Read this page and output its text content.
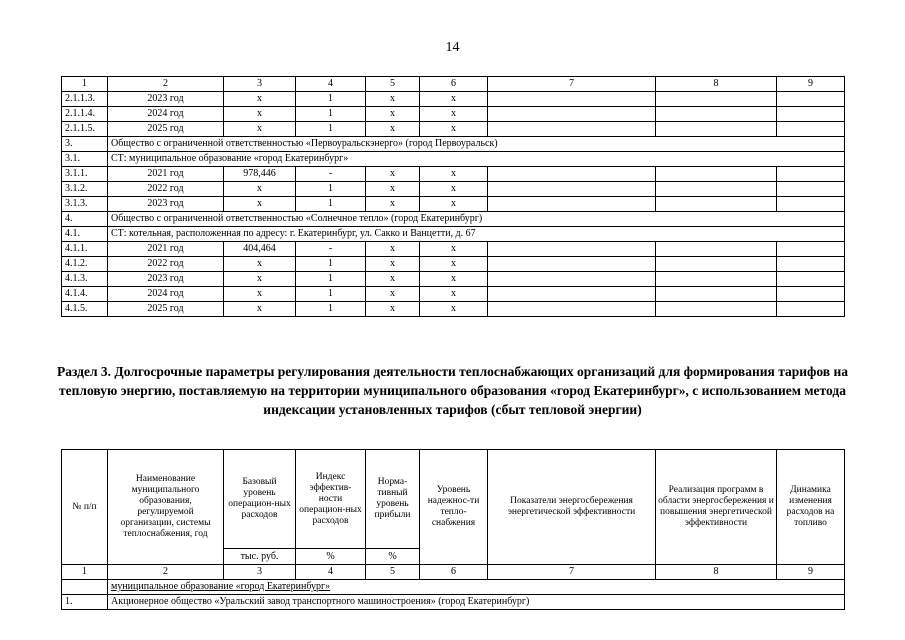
14
1	2	3	4	5	6	7	8	9
2.1.1.3.	2023 год	x	1	x	x			
2.1.1.4.	2024 год	x	1	x	x			
2.1.1.5.	2025 год	x	1	x	x			
3.	Общество с ограниченной ответственностью «Первоуральскэнерго» (город Первоуральск)							
3.1.	СТ: муниципальное образование «город Екатеринбург»							
3.1.1.	2021 год	978,446	-	x	x			
3.1.2.	2022 год	x	1	x	x			
3.1.3.	2023 год	x	1	x	x			
4.	Общество с ограниченной ответственностью «Солнечное тепло» (город Екатеринбург)							
4.1.	СТ: котельная, расположенная по адресу: г. Екатеринбург, ул. Сакко и Ванцетти, д. 67							
4.1.1.	2021 год	404,464	-	x	x			
4.1.2.	2022 год	x	1	x	x			
4.1.3.	2023 год	x	1	x	x			
4.1.4.	2024 год	x	1	x	x			
4.1.5.	2025 год	x	1	x	x			
Раздел 3. Долгосрочные параметры регулирования деятельности теплоснабжающих организаций для формирования тарифов на тепловую энергию, поставляемую на территории муниципального образования «город Екатеринбург», с использованием метода индексации установленных тарифов (сбыт тепловой энергии)
№ п/п	Наименование муниципального образования, регулируемой организации, системы теплоснабжения, год	Базовый уровень операцион-ных расходов	Индекс эффектив-ности операцион-ных расходов	Норма-тивный уровень прибыли	Уровень надежнос-ти тепло-снабжения	Показатели энергосбережения энергетической эффективности	Реализация программ в области энергосбережения и повышения энергетической эффективности	Динамика изменения расходов на топливо
		тыс. руб.	%	%				
1	2	3	4	5	6	7	8	9
	муниципальное образование «город Екатеринбург»							
1.	Акционерное общество «Уральский завод транспортного машиностроения» (город Екатеринбург)							
